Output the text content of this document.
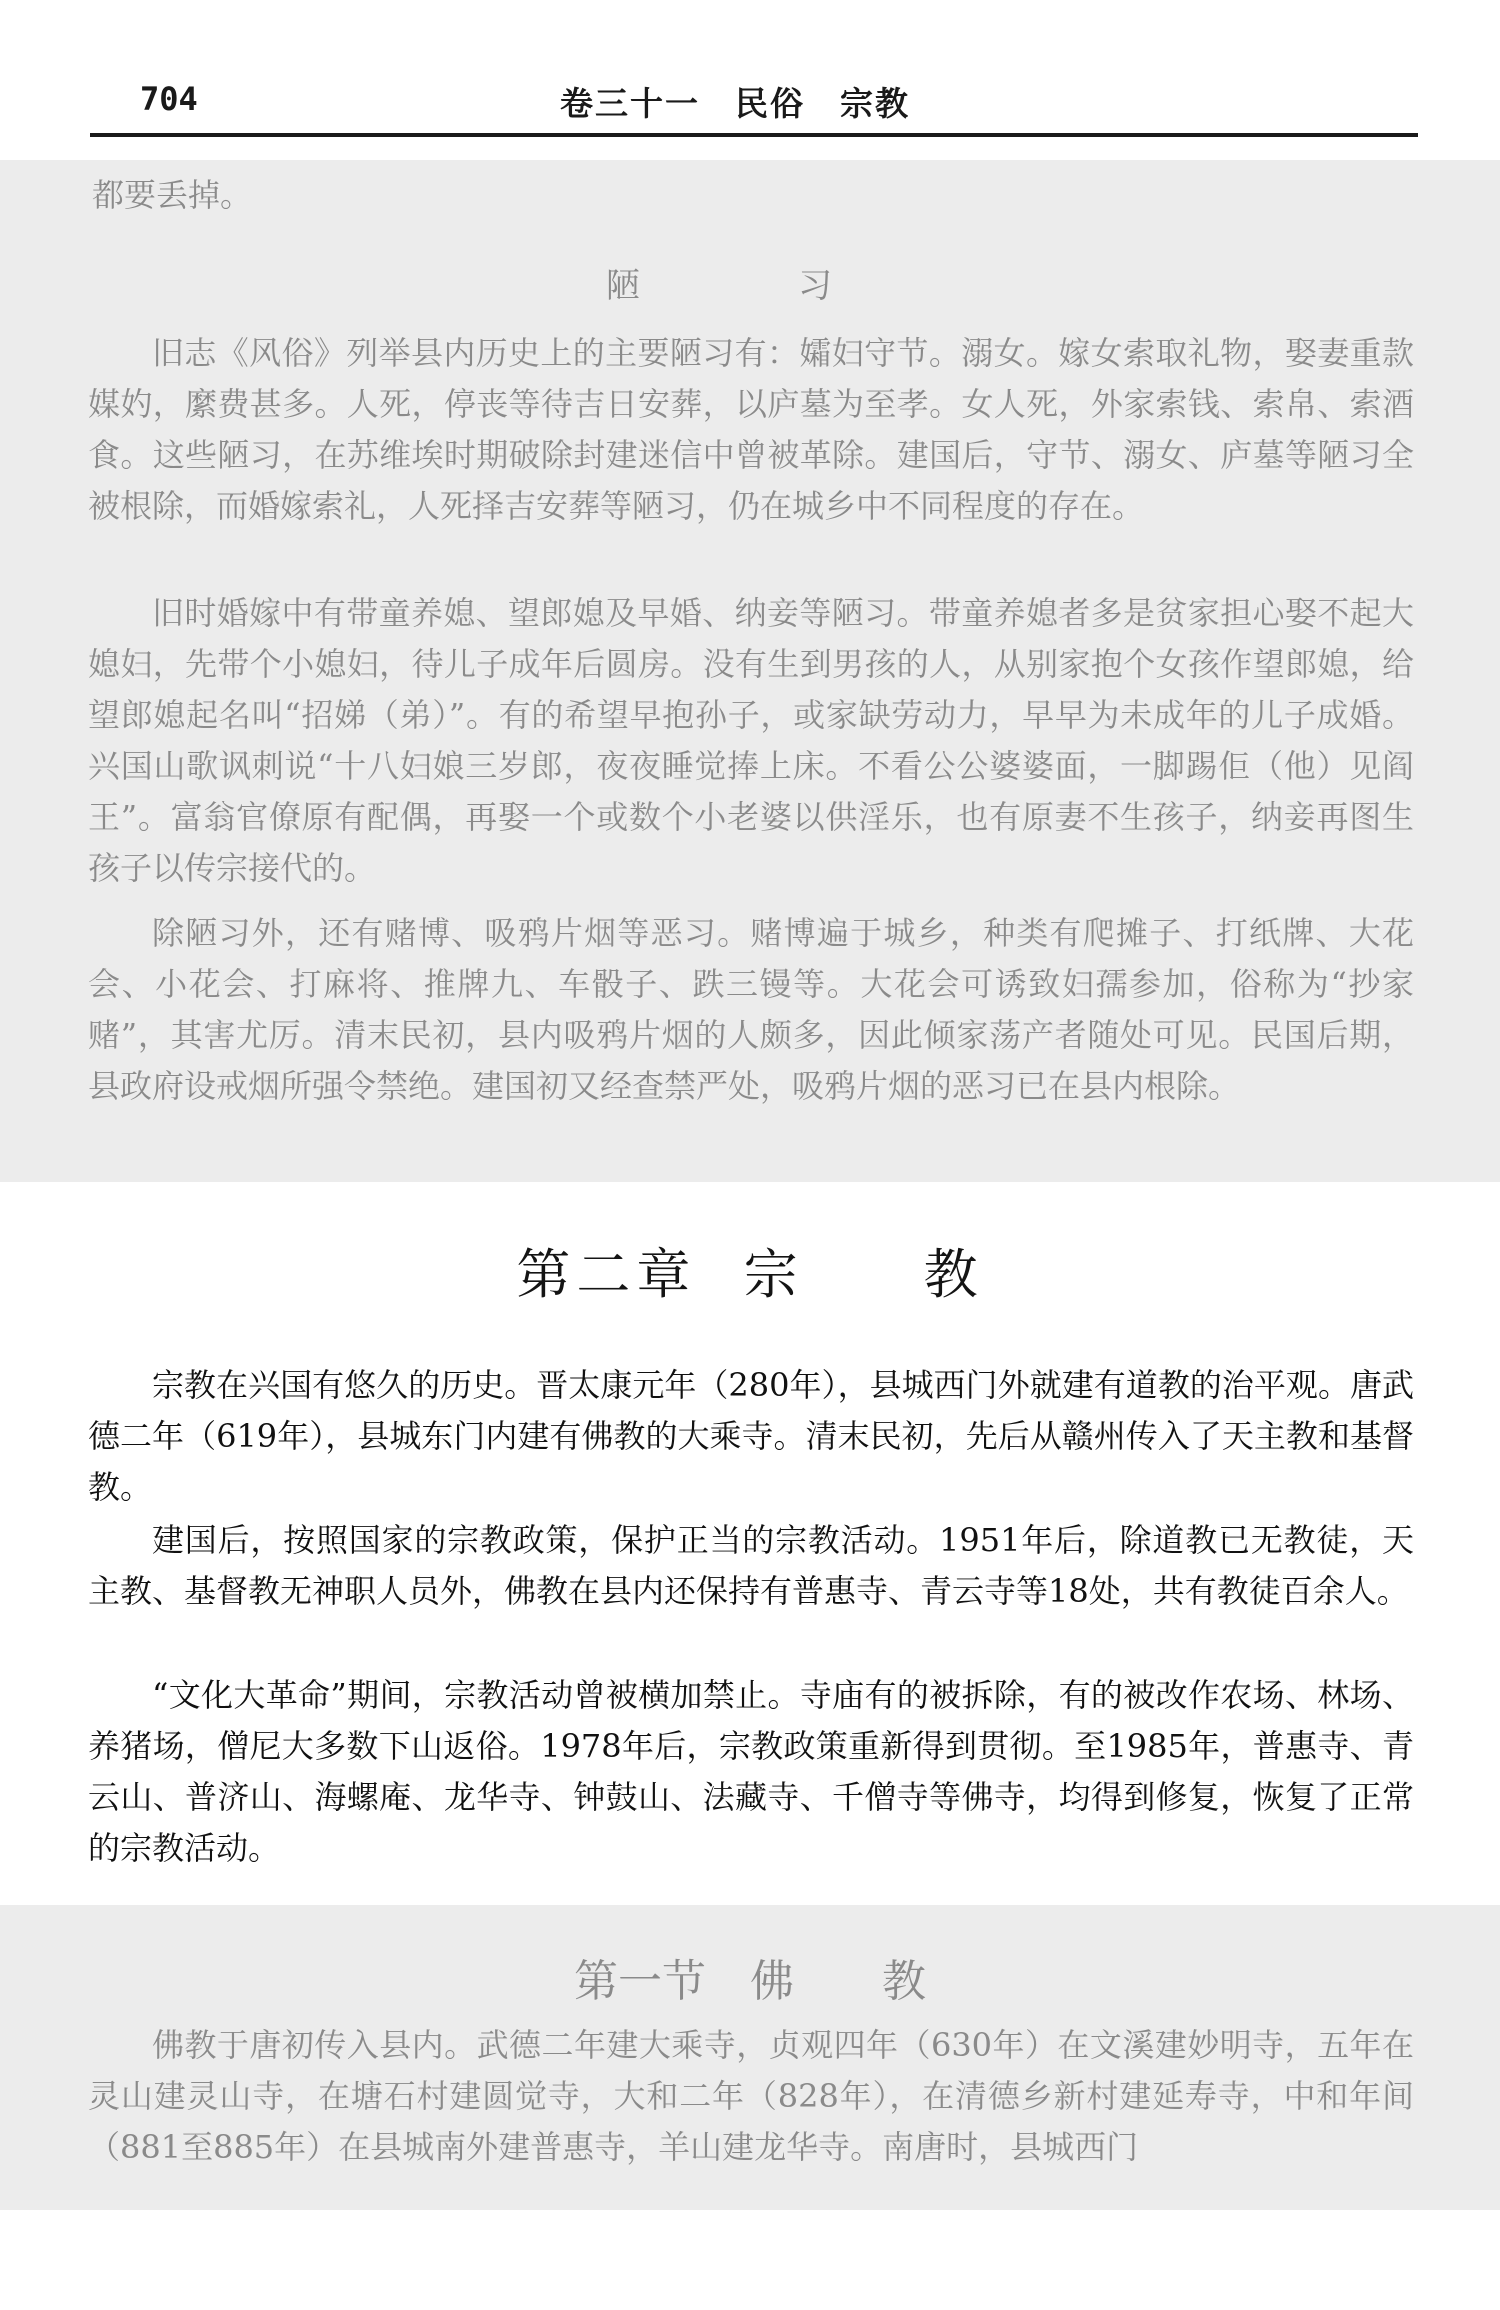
704	卷三十一　民俗　宗教

都要丢掉。

陋　习

旧志《风俗》列举县内历史上的主要陋习有：孀妇守节。溺女。嫁女索取礼物，娶妻重款媒妁，縻费甚多。人死，停丧等待吉日安葬，以庐墓为至孝。女人死，外家索钱、索帛、索酒食。这些陋习，在苏维埃时期破除封建迷信中曾被革除。建国后，守节、溺女、庐墓等陋习全被根除，而婚嫁索礼，人死择吉安葬等陋习，仍在城乡中不同程度的存在。

旧时婚嫁中有带童养媳、望郎媳及早婚、纳妾等陋习。带童养媳者多是贫家担心娶不起大媳妇，先带个小媳妇，待儿子成年后圆房。没有生到男孩的人，从别家抱个女孩作望郎媳，给望郎媳起名叫“招娣（弟）”。有的希望早抱孙子，或家缺劳动力，早早为未成年的儿子成婚。兴国山歌讽刺说“十八妇娘三岁郎，夜夜睡觉捧上床。不看公公婆婆面，一脚踢佢（他）见阎王”。富翁官僚原有配偶，再娶一个或数个小老婆以供淫乐，也有原妻不生孩子，纳妾再图生孩子以传宗接代的。

除陋习外，还有赌博、吸鸦片烟等恶习。赌博遍于城乡，种类有爬摊子、打纸牌、大花会、小花会、打麻将、推牌九、车骰子、跌三镘等。大花会可诱致妇孺参加，俗称为“抄家赌”，其害尤厉。清末民初，县内吸鸦片烟的人颇多，因此倾家荡产者随处可见。民国后期，县政府设戒烟所强令禁绝。建国初又经查禁严处，吸鸦片烟的恶习已在县内根除。

第二章 宗　　教

宗教在兴国有悠久的历史。晋太康元年（280年），县城西门外就建有道教的治平观。唐武德二年（619年），县城东门内建有佛教的大乘寺。清末民初，先后从赣州传入了天主教和基督教。

建国后，按照国家的宗教政策，保护正当的宗教活动。1951年后，除道教已无教徒，天主教、基督教无神职人员外，佛教在县内还保持有普惠寺、青云寺等18处，共有教徒百余人。

“文化大革命”期间，宗教活动曾被横加禁止。寺庙有的被拆除，有的被改作农场、林场、养猪场，僧尼大多数下山返俗。1978年后，宗教政策重新得到贯彻。至1985年，普惠寺、青云山、普济山、海螺庵、龙华寺、钟鼓山、法藏寺、千僧寺等佛寺，均得到修复，恢复了正常的宗教活动。

第一节　佛　　教

佛教于唐初传入县内。武德二年建大乘寺，贞观四年（630年）在文溪建妙明寺，五年在灵山建灵山寺，在塘石村建圆觉寺，大和二年（828年），在清德乡新村建延寿寺，中和年间（881至885年）在县城南外建普惠寺，羊山建龙华寺。南唐时，县城西门
